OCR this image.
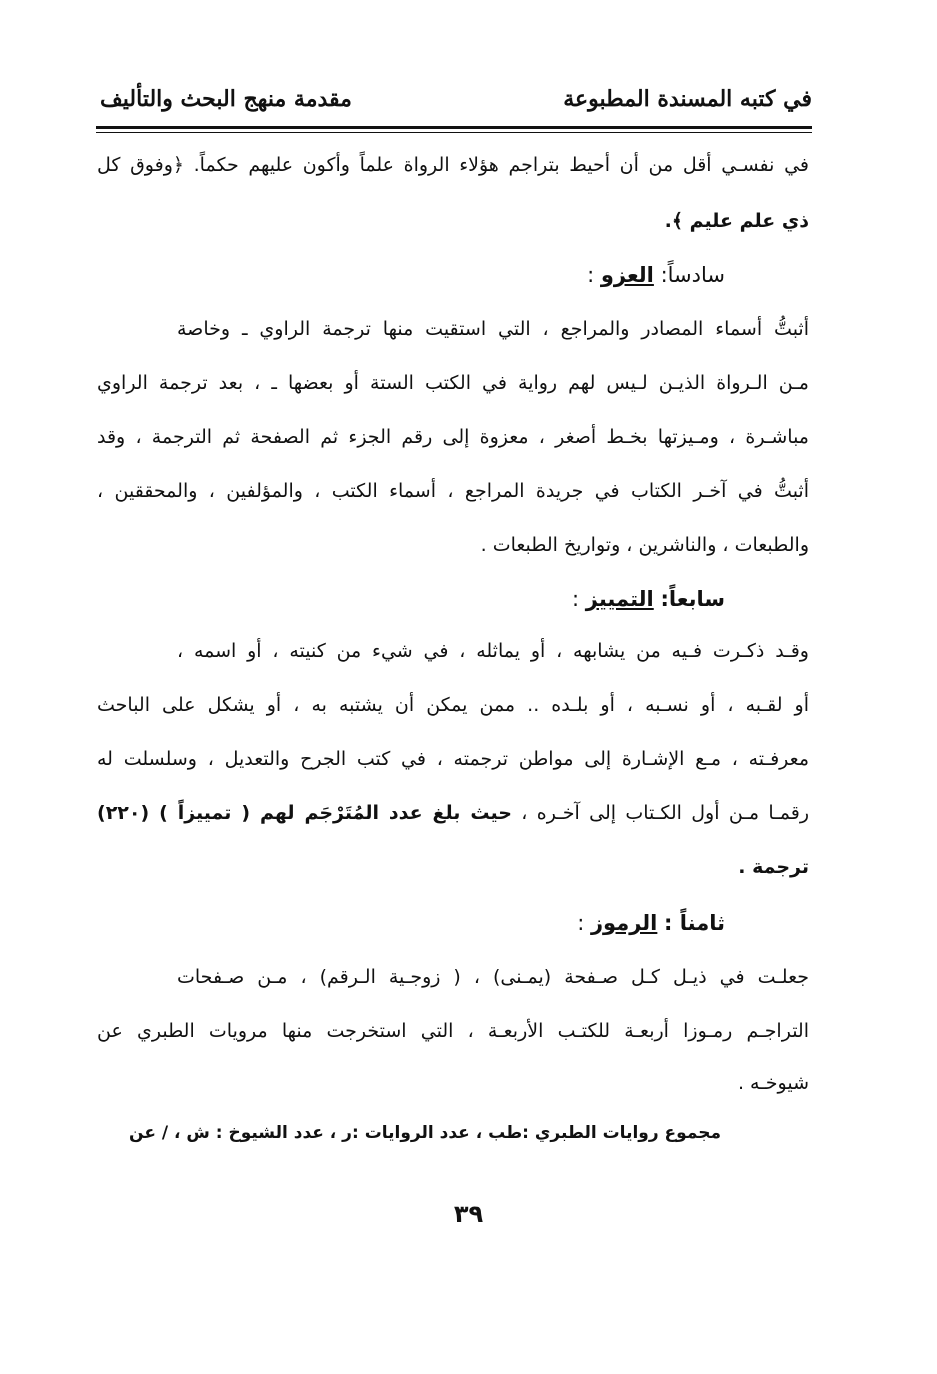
في كتبه المسندة المطبوعة
مقدمة منهج البحث والتأليف
في نفسـي أقل من أن أحيط بتراجم هؤلاء الرواة علماً وأكون عليهم حكماً. ﴿وفوق كل
ذي علم عليم ﴾.
سادساً: العزو :
أثبتُّ أسماء المصادر والمراجع ، التي استقيت منها ترجمة الراوي ـ وخاصة
مـن الـرواة الذيـن لـيس لهم رواية في الكتب الستة أو بعضها ـ ، بعد ترجمة الراوي
مباشـرة ، ومـيزتها بخـط أصغر ، معزوة إلى رقم الجزء ثم الصفحة ثم الترجمة ، وقد
أثبتُّ في آخـر الكتاب في جريدة المراجع ، أسماء الكتب ، والمؤلفين ، والمحققين ،
والطبعات ، والناشرين ، وتواريخ الطبعات .
سابعاً: التمييز :
وقـد ذكـرت فـيه من يشابهه ، أو يماثله ، في شيء من كنيته ، أو اسمه ،
أو لقـبه ، أو نسـبه ، أو بلـده .. ممن يمكن أن يشتبه به ، أو يشكل على الباحث
معرفـته ، مـع الإشـارة إلى مواطن ترجمته ، في كتب الجرح والتعديل ، وسلسلت له
رقمـا مـن أول الكـتاب إلى آخـره ، حيث بلغ عدد المُتَرْجَم لهم ( تمييزاً ) (٢٢٠)
ترجمة .
ثامناً : الرموز :
جعلـت في ذيـل كـل صـفحة (يمـنى) ، ( زوجـية الـرقم) ، مـن صـفحات
التراجـم رمـوزا أربعـة للكتـب الأربعـة ، التي استخرجت منها مرويات الطبري عن
شيوخـه .
مجموع روايات الطبري :طب ، عدد الروايات :ر ، عدد الشيوخ : ش ، / عن
٣٩
